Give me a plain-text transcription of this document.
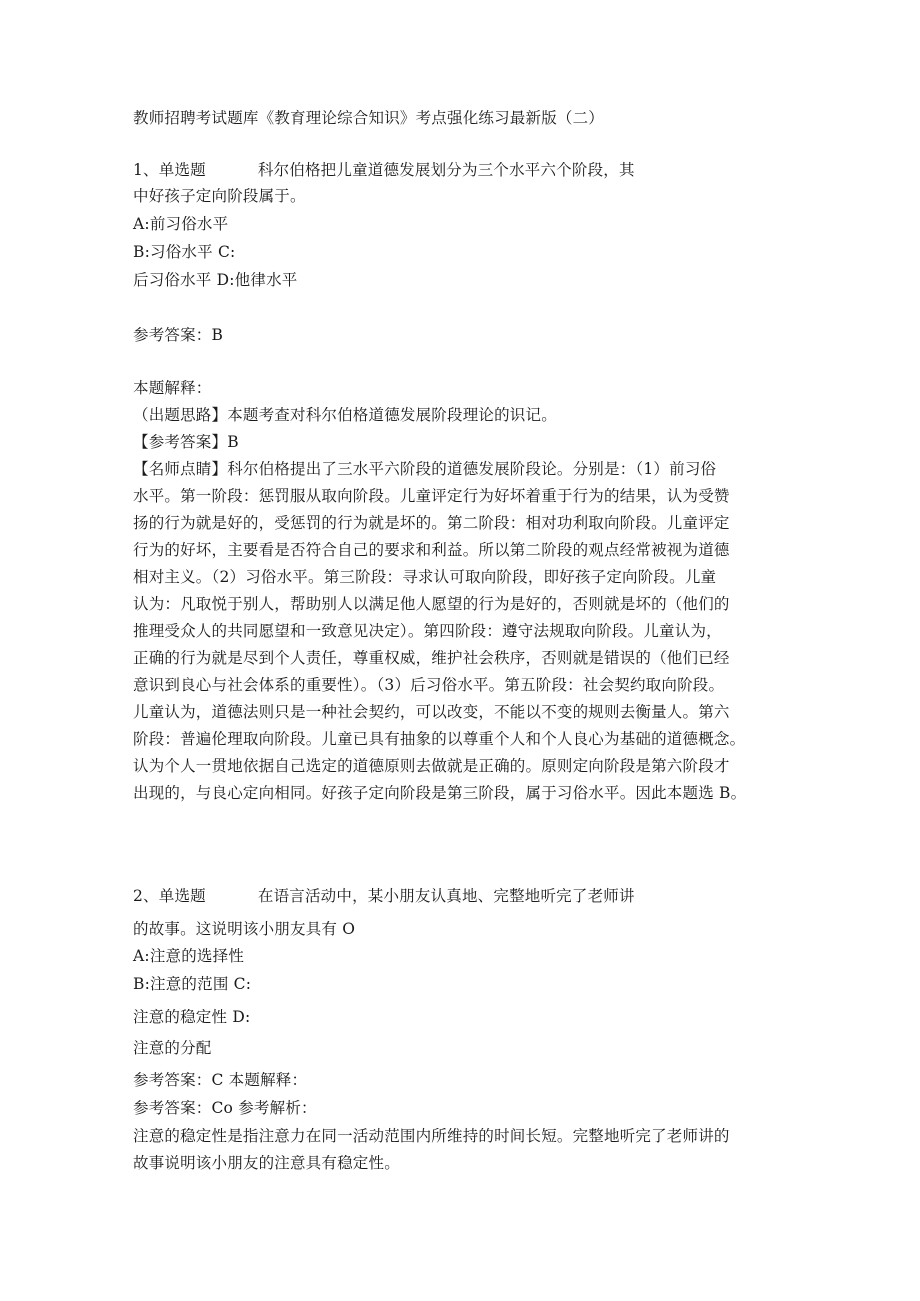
教师招聘考试题库《教育理论综合知识》考点强化练习最新版（二）
1、单选题	科尔伯格把儿童道德发展划分为三个水平六个阶段，其
中好孩子定向阶段属于。
A:前习俗水平
B:习俗水平 C:
后习俗水平 D:他律水平
参考答案：B
本题解释：
（出题思路】本题考查对科尔伯格道德发展阶段理论的识记。
【参考答案】B
【名师点睛】科尔伯格提出了三水平六阶段的道德发展阶段论。分别是：（1）前习俗
水平。第一阶段：惩罚服从取向阶段。儿童评定行为好坏着重于行为的结果，认为受赞
扬的行为就是好的，受惩罚的行为就是坏的。第二阶段：相对功利取向阶段。儿童评定
行为的好坏，主要看是否符合自己的要求和利益。所以第二阶段的观点经常被视为道德
相对主义。（2）习俗水平。第三阶段：寻求认可取向阶段，即好孩子定向阶段。儿童
认为：凡取悦于别人，帮助别人以满足他人愿望的行为是好的，否则就是坏的（他们的
推理受众人的共同愿望和一致意见决定）。第四阶段：遵守法规取向阶段。儿童认为，
正确的行为就是尽到个人责任，尊重权威，维护社会秩序，否则就是错误的（他们已经
意识到良心与社会体系的重要性）。（3）后习俗水平。第五阶段：社会契约取向阶段。
儿童认为，道德法则只是一种社会契约，可以改变，不能以不变的规则去衡量人。第六
阶段：普遍伦理取向阶段。儿童已具有抽象的以尊重个人和个人良心为基础的道德概念。
认为个人一贯地依据自己选定的道德原则去做就是正确的。原则定向阶段是第六阶段才
出现的，与良心定向相同。好孩子定向阶段是第三阶段，属于习俗水平。因此本题选 B。
2、单选题	在语言活动中，某小朋友认真地、完整地听完了老师讲
的故事。这说明该小朋友具有 O
A:注意的选择性
B:注意的范围 C:
注意的稳定性 D:
注意的分配
参考答案：C 本题解释：
参考答案：Co 参考解析：
注意的稳定性是指注意力在同一活动范围内所维持的时间长短。完整地听完了老师讲的
故事说明该小朋友的注意具有稳定性。
